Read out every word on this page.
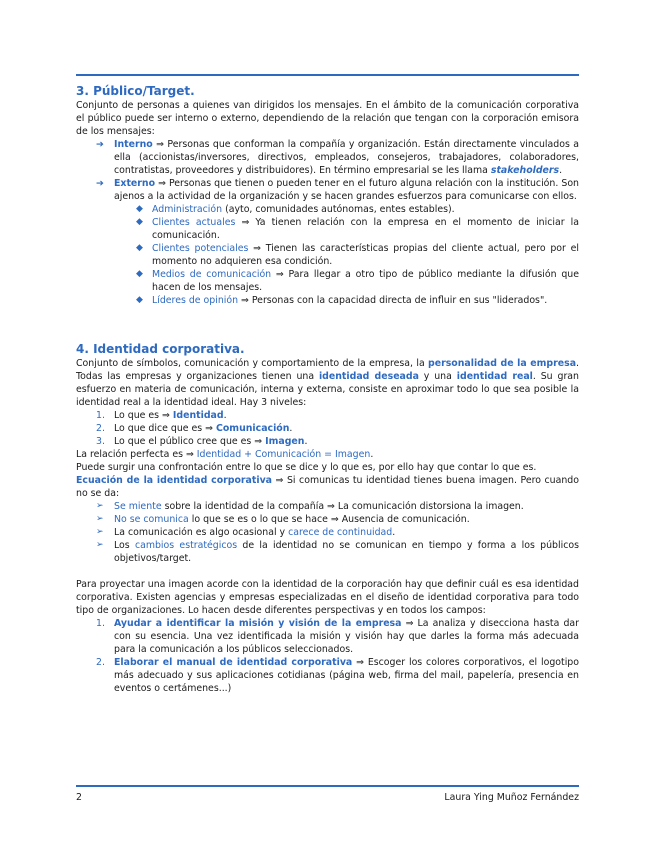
3. Público/Target.

Conjunto de personas a quienes van dirigidos los mensajes. En el ámbito de la comunicación corporativa el público puede ser interno o externo, dependiendo de la relación que tengan con la corporación emisora de los mensajes:

➔ Interno ⇒ Personas que conforman la compañía y organización. Están directamente vinculados a ella (accionistas/inversores, directivos, empleados, consejeros, trabajadores, colaboradores, contratistas, proveedores y distribuidores). En término empresarial se les llama stakeholders.
➔ Externo ⇒ Personas que tienen o pueden tener en el futuro alguna relación con la institución. Son ajenos a la actividad de la organización y se hacen grandes esfuerzos para comunicarse con ellos.
◆ Administración (ayto, comunidades autónomas, entes estables).
◆ Clientes actuales ⇒ Ya tienen relación con la empresa en el momento de iniciar la comunicación.
◆ Clientes potenciales ⇒ Tienen las características propias del cliente actual, pero por el momento no adquieren esa condición.
◆ Medios de comunicación ⇒ Para llegar a otro tipo de público mediante la difusión que hacen de los mensajes.
◆ Líderes de opinión ⇒ Personas con la capacidad directa de influir en sus "liderados".
4. Identidad corporativa.

Conjunto de símbolos, comunicación y comportamiento de la empresa, la personalidad de la empresa. Todas las empresas y organizaciones tienen una identidad deseada y una identidad real. Su gran esfuerzo en materia de comunicación, interna y externa, consiste en aproximar todo lo que sea posible la identidad real a la identidad ideal. Hay 3 niveles:

1. Lo que es ⇒ Identidad.
2. Lo que dice que es ⇒ Comunicación.
3. Lo que el público cree que es ⇒ Imagen.

La relación perfecta es ⇒ Identidad + Comunicación = Imagen.

Puede surgir una confrontación entre lo que se dice y lo que es, por ello hay que contar lo que es.

Ecuación de la identidad corporativa ⇒ Si comunicas tu identidad tienes buena imagen. Pero cuando no se da:

➢ Se miente sobre la identidad de la compañía ⇒ La comunicación distorsiona la imagen.
➢ No se comunica lo que se es o lo que se hace ⇒ Ausencia de comunicación.
➢ La comunicación es algo ocasional y carece de continuidad.
➢ Los cambios estratégicos de la identidad no se comunican en tiempo y forma a los públicos objetivos/target.

Para proyectar una imagen acorde con la identidad de la corporación hay que definir cuál es esa identidad corporativa. Existen agencias y empresas especializadas en el diseño de identidad corporativa para todo tipo de organizaciones. Lo hacen desde diferentes perspectivas y en todos los campos:

1. Ayudar a identificar la misión y visión de la empresa ⇒ La analiza y disecciona hasta dar con su esencia. Una vez identificada la misión y visión hay que darles la forma más adecuada para la comunicación a los públicos seleccionados.
2. Elaborar el manual de identidad corporativa ⇒ Escoger los colores corporativos, el logotipo más adecuado y sus aplicaciones cotidianas (página web, firma del mail, papelería, presencia en eventos o certámenes...)
2	Laura Ying Muñoz Fernández
